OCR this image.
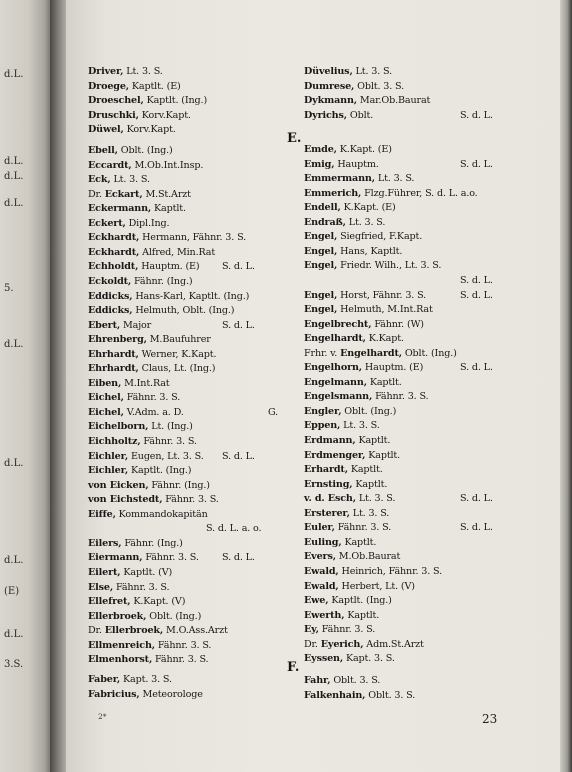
d.L.
d.L.
d.L.
d.L.
5.
d.L.
d.L.
d.L.
(E)
d.L.
3.S.
Driver, Lt. 3. S.
Droege, Kaptlt. (E)
Droeschel, Kaptlt. (Ing.)
Druschki, Korv.Kapt.
Düwel, Korv.Kapt.
Ebell, Oblt. (Ing.)
Eccardt, M.Ob.Int.Insp.
Eck, Lt. 3. S.
Dr. Eckart, M.St.Arzt
Eckermann, Kaptlt.
Eckert, Dipl.Ing.
Eckhardt, Hermann, Fähnr. 3. S.
Eckhardt, Alfred, Min.Rat
Echholdt, Hauptm. (E) S. d. L.
Eckoldt, Fähnr. (Ing.)
Eddicks, Hans-Karl, Kaptlt. (Ing.)
Eddicks, Helmuth, Oblt. (Ing.)
Ebert, Major	S. d. L.
Ehrenberg, M.Baufuhrer
Ehrhardt, Werner, K.Kapt.
Ehrhardt, Claus, Lt. (Ing.)
Eiben, M.Int.Rat
Eichel, Fähnr. 3. S.
Eichel, V.Adm. a. D.	G.
Eichelborn, Lt. (Ing.)
Eichholtz, Fähnr. 3. S.
Eichler, Eugen, Lt. 3. S. S. d. L.
Eichler, Kaptlt. (Ing.)
von Eicken, Fähnr. (Ing.)
von Eichstedt, Fähnr. 3. S.
Eiffe, Kommandokapitän
S. d. L. a. o.
Eilers, Fähnr. (Ing.)
Eiermann, Fähnr. 3. S. S. d. L.
Eilert, Kaptlt. (V)
Else, Fähnr. 3. S.
Ellefret, K.Kapt. (V)
Ellerbroek, Oblt. (Ing.)
Dr. Ellerbroek, M.O.Ass.Arzt
Ellmenreich, Fähnr. 3. S.
Elmenhorst, Fähnr. 3. S.
Faber, Kapt. 3. S.
Fabricius, Meteorologe
Düvelius, Lt. 3. S.
Dumrese, Oblt. 3. S.
Dykmann, Mar.Ob.Baurat
Dyrichs, Oblt.	S. d. L.
Emde, K.Kapt. (E)
Emig, Hauptm.	S. d. L.
Emmermann, Lt. 3. S.
Emmerich, Flzg.Führer, S. d. L. a.o.
Endell, K.Kapt. (E)
Endraß, Lt. 3. S.
Engel, Siegfried, F.Kapt.
Engel, Hans, Kaptlt.
Engel, Friedr. Wilh., Lt. 3. S.
S. d. L.
Engel, Horst, Fähnr. 3. S.	S. d. L.
Engel, Helmuth, M.Int.Rat
Engelbrecht, Fähnr. (W)
Engelhardt, K.Kapt.
Frhr. v. Engelhardt, Oblt. (Ing.)
Engelhorn, Hauptm. (E)	S. d. L.
Engelmann, Kaptlt.
Engelsmann, Fähnr. 3. S.
Engler, Oblt. (Ing.)
Eppen, Lt. 3. S.
Erdmann, Kaptlt.
Erdmenger, Kaptlt.
Erhardt, Kaptlt.
Ernsting, Kaptlt.
v. d. Esch, Lt. 3. S.	S. d. L.
Ersterer, Lt. 3. S.
Euler, Fähnr. 3. S.	S. d. L.
Euling, Kaptlt.
Evers, M.Ob.Baurat
Ewald, Heinrich, Fähnr. 3. S.
Ewald, Herbert, Lt. (V)
Ewe, Kaptlt. (Ing.)
Ewerth, Kaptlt.
Ey, Fähnr. 3. S.
Dr. Eyerich, Adm.St.Arzt
Eyssen, Kapt. 3. S.
Fahr, Oblt. 3. S.
Falkenhain, Oblt. 3. S.
E.
F.
2*	23
